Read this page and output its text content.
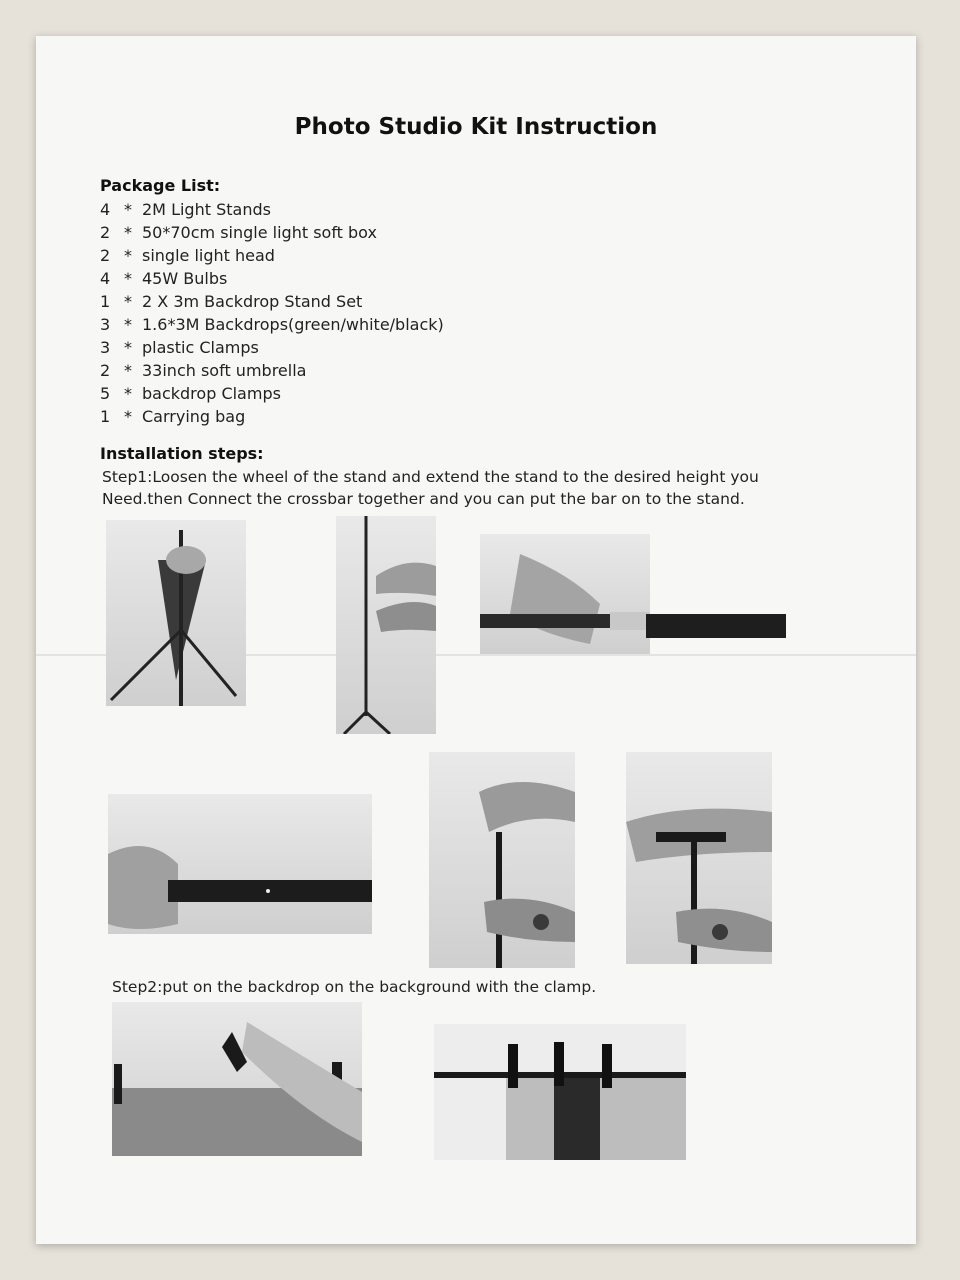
Photo Studio Kit Instruction
Package List:
4 * 2M Light Stands
2 * 50*70cm single light soft box
2 * single light head
4 * 45W Bulbs
1 * 2 X 3m Backdrop Stand Set
3 * 1.6*3M Backdrops(green/white/black)
3 * plastic Clamps
2 * 33inch soft umbrella
5 * backdrop Clamps
1 * Carrying bag
Installation steps:
Step1:Loosen the wheel of the stand and extend the stand to the desired height you
Need.then Connect the crossbar together and you can put the bar on to the stand.
Step2:put on the backdrop on the background with the clamp.
